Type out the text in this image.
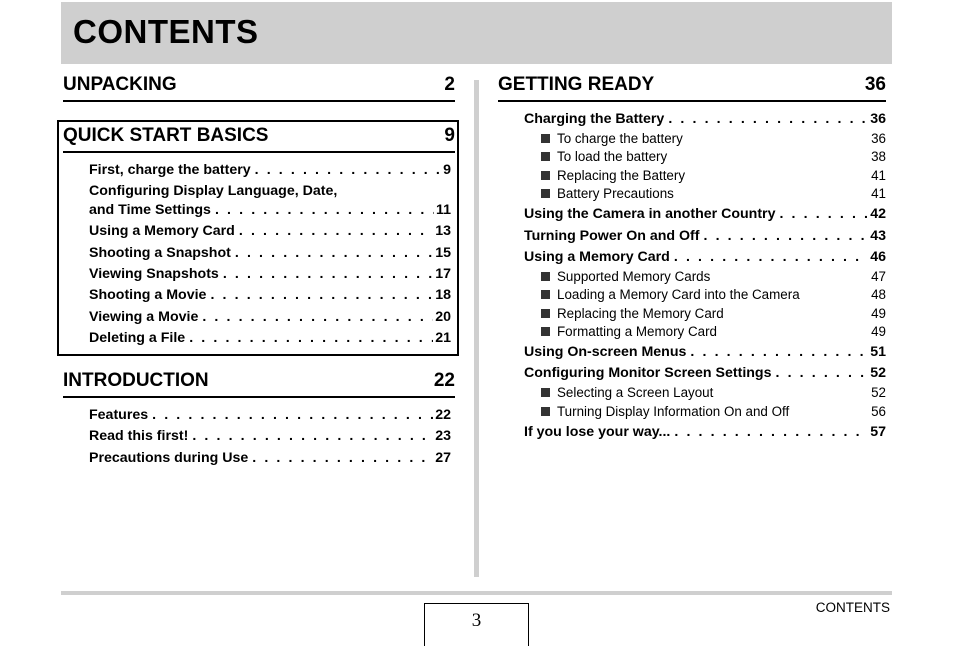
CONTENTS
UNPACKING	2
QUICK START BASICS	9
First, charge the battery . . .	9
Configuring Display Language, Date,
and Time Settings . . .	11
Using a Memory Card . . .	13
Shooting a Snapshot . . .	15
Viewing Snapshots . . .	17
Shooting a Movie . . .	18
Viewing a Movie . . .	20
Deleting a File . . .	21
INTRODUCTION	22
Features . . .	22
Read this first! . . .	23
Precautions during Use . . .	27
GETTING READY	36
Charging the Battery . . .	36
To charge the battery	36
To load the battery	38
Replacing the Battery	41
Battery Precautions	41
Using the Camera in another Country . . .	42
Turning Power On and Off . . .	43
Using a Memory Card . . .	46
Supported Memory Cards	47
Loading a Memory Card into the Camera	48
Replacing the Memory Card	49
Formatting a Memory Card	49
Using On-screen Menus . . .	51
Configuring Monitor Screen Settings . . .	52
Selecting a Screen Layout	52
Turning Display Information On and Off	56
If you lose your way... . . .	57
3
CONTENTS
